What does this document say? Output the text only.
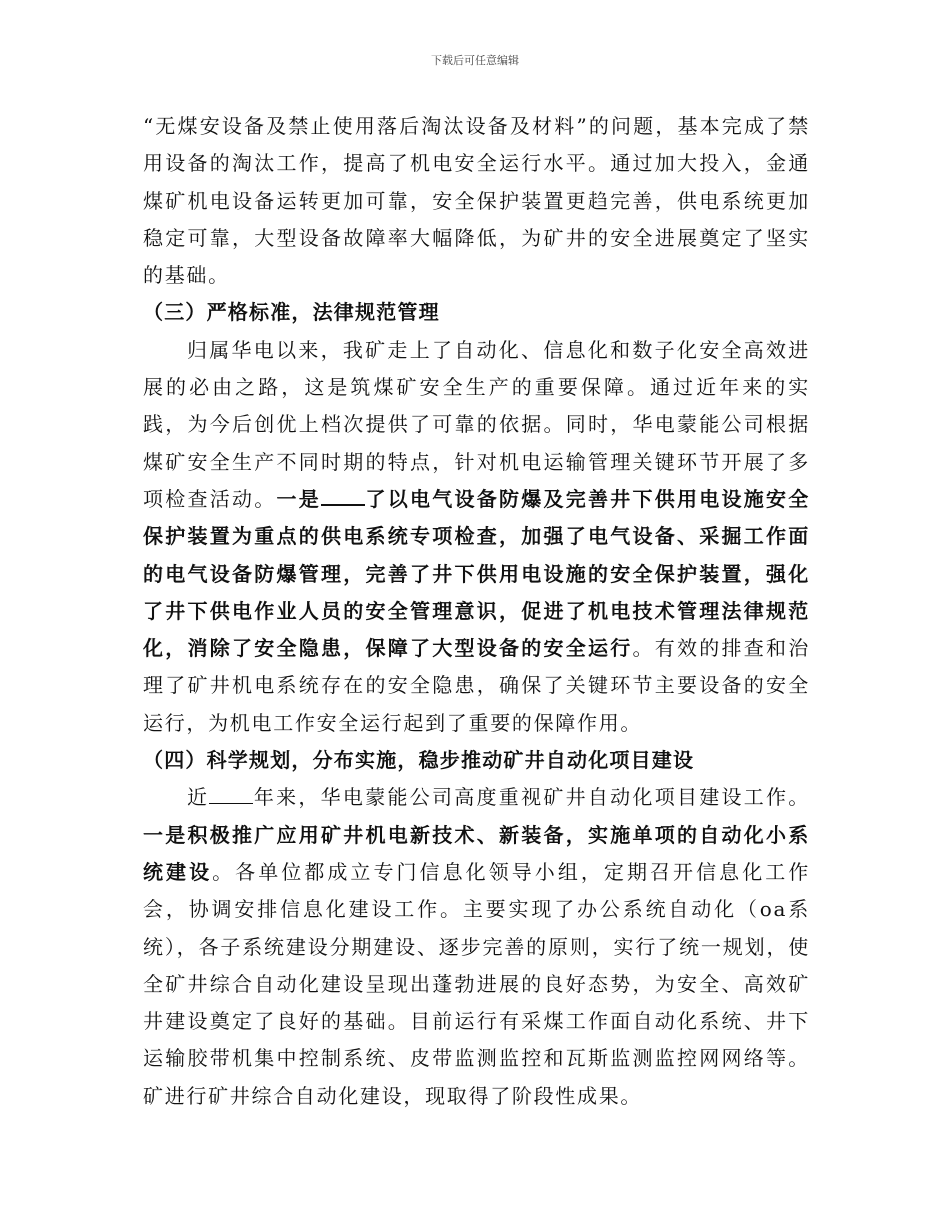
下载后可任意编辑

“无煤安设备及禁止使用落后淘汰设备及材料”的问题，基本完成了禁用设备的淘汰工作，提高了机电安全运行水平。通过加大投入，金通煤矿机电设备运转更加可靠，安全保护装置更趋完善，供电系统更加稳定可靠，大型设备故障率大幅降低，为矿井的安全进展奠定了坚实的基础。

（三）严格标准，法律规范管理

归属华电以来，我矿走上了自动化、信息化和数子化安全高效进展的必由之路，这是筑煤矿安全生产的重要保障。通过近年来的实践，为今后创优上档次提供了可靠的依据。同时，华电蒙能公司根据煤矿安全生产不同时期的特点，针对机电运输管理关键环节开展了多项检查活动。一是 了以电气设备防爆及完善井下供用电设施安全保护装置为重点的供电系统专项检查，加强了电气设备、采掘工作面的电气设备防爆管理，完善了井下供用电设施的安全保护装置，强化了井下供电作业人员的安全管理意识，促进了机电技术管理法律规范化，消除了安全隐患，保障了大型设备的安全运行。有效的排查和治理了矿井机电系统存在的安全隐患，确保了关键环节主要设备的安全运行，为机电工作安全运行起到了重要的保障作用。

（四）科学规划，分布实施，稳步推动矿井自动化项目建设

近 年来，华电蒙能公司高度重视矿井自动化项目建设工作。一是积极推广应用矿井机电新技术、新装备，实施单项的自动化小系统建设。各单位都成立专门信息化领导小组，定期召开信息化工作会，协调安排信息化建设工作。主要实现了办公系统自动化（oa系统），各子系统建设分期建设、逐步完善的原则，实行了统一规划，使全矿井综合自动化建设呈现出蓬勃进展的良好态势，为安全、高效矿井建设奠定了良好的基础。目前运行有采煤工作面自动化系统、井下运输胶带机集中控制系统、皮带监测监控和瓦斯监测监控网网络等。矿进行矿井综合自动化建设，现取得了阶段性成果。
